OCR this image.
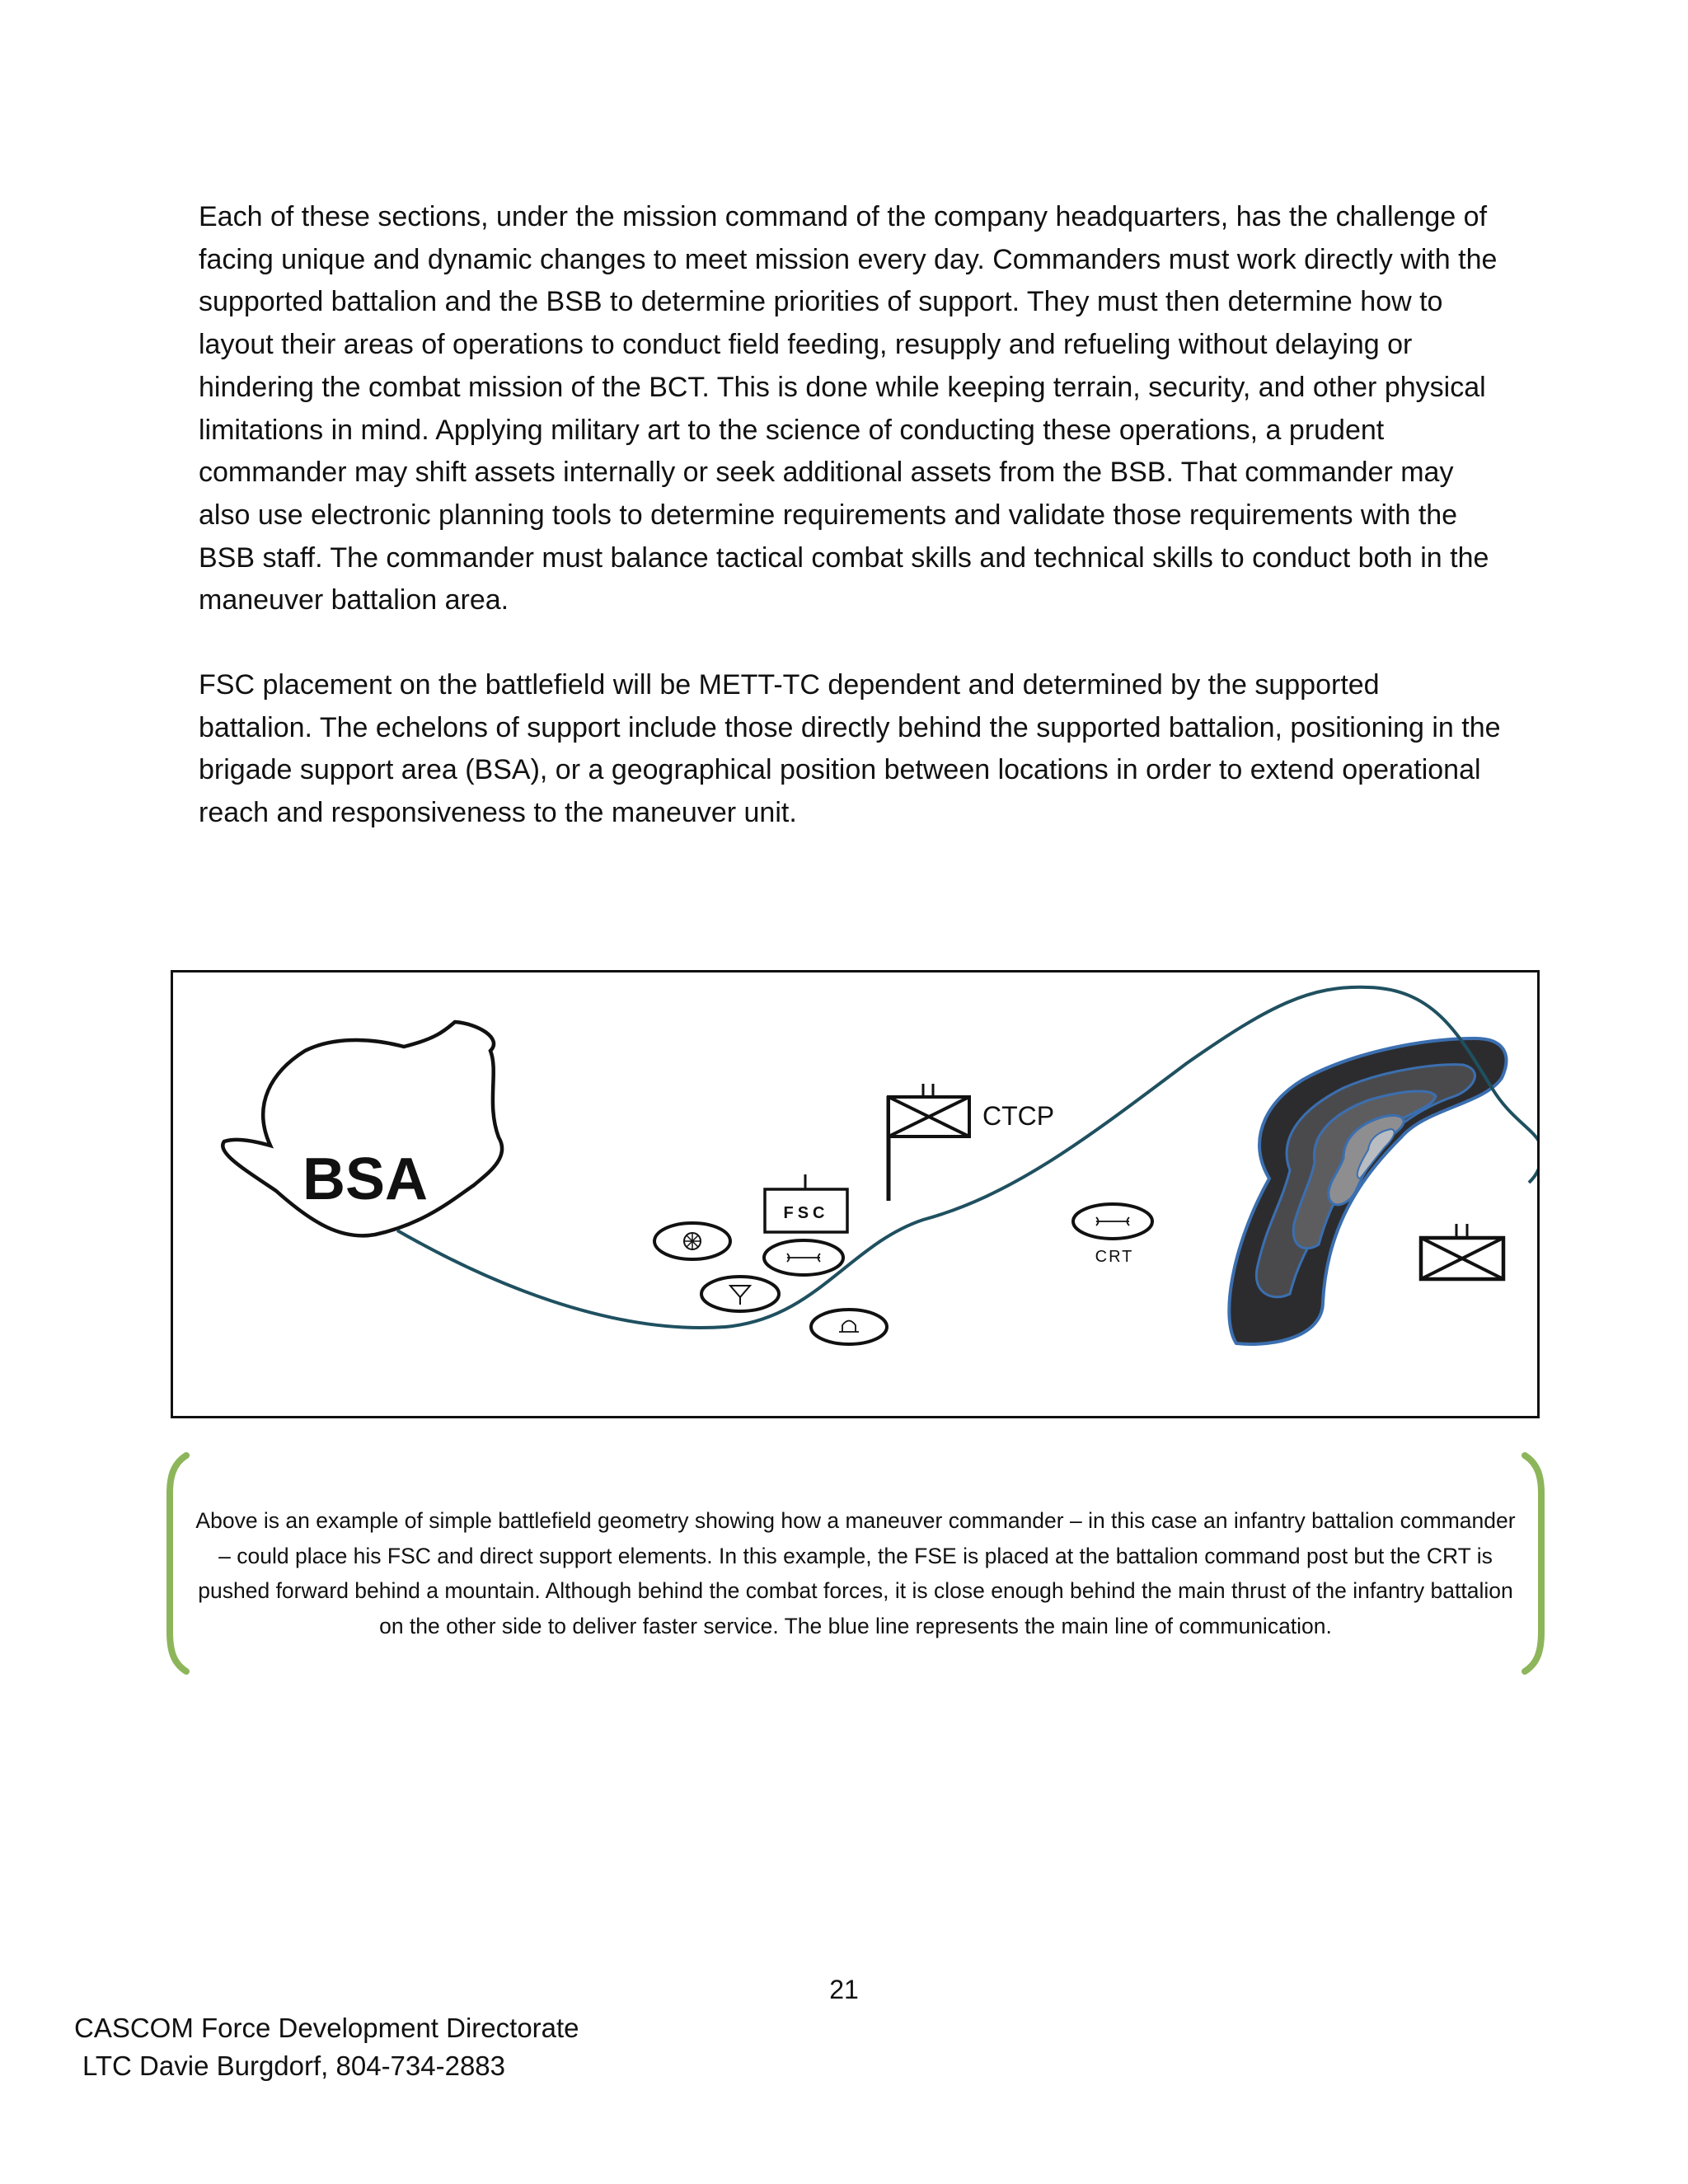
Each of these sections, under the mission command of the company headquarters, has the challenge of facing unique and dynamic changes to meet mission every day. Commanders must work directly with the supported battalion and the BSB to determine priorities of support. They must then determine how to layout their areas of operations to conduct field feeding, resupply and refueling without delaying or hindering the combat mission of the BCT. This is done while keeping terrain, security, and other physical limitations in mind. Applying military art to the science of conducting these operations, a prudent commander may shift assets internally or seek additional assets from the BSB. That commander may also use electronic planning tools to determine requirements and validate those requirements with the BSB staff. The commander must balance tactical combat skills and technical skills to conduct both in the maneuver battalion area.

FSC placement on the battlefield will be METT-TC dependent and determined by the supported battalion. The echelons of support include those directly behind the supported battalion, positioning in the brigade support area (BSA), or a geographical position between locations in order to extend operational reach and responsiveness to the maneuver unit.

BSA
CTCP
FSC
CRT

Above is an example of simple battlefield geometry showing how a maneuver commander – in this case an infantry battalion commander – could place his FSC and direct support elements. In this example, the FSE is placed at the battalion command post but the CRT is pushed forward behind a mountain. Although behind the combat forces, it is close enough behind the main thrust of the infantry battalion on the other side to deliver faster service. The blue line represents the main line of communication.

21
CASCOM Force Development Directorate
LTC Davie Burgdorf, 804-734-2883
